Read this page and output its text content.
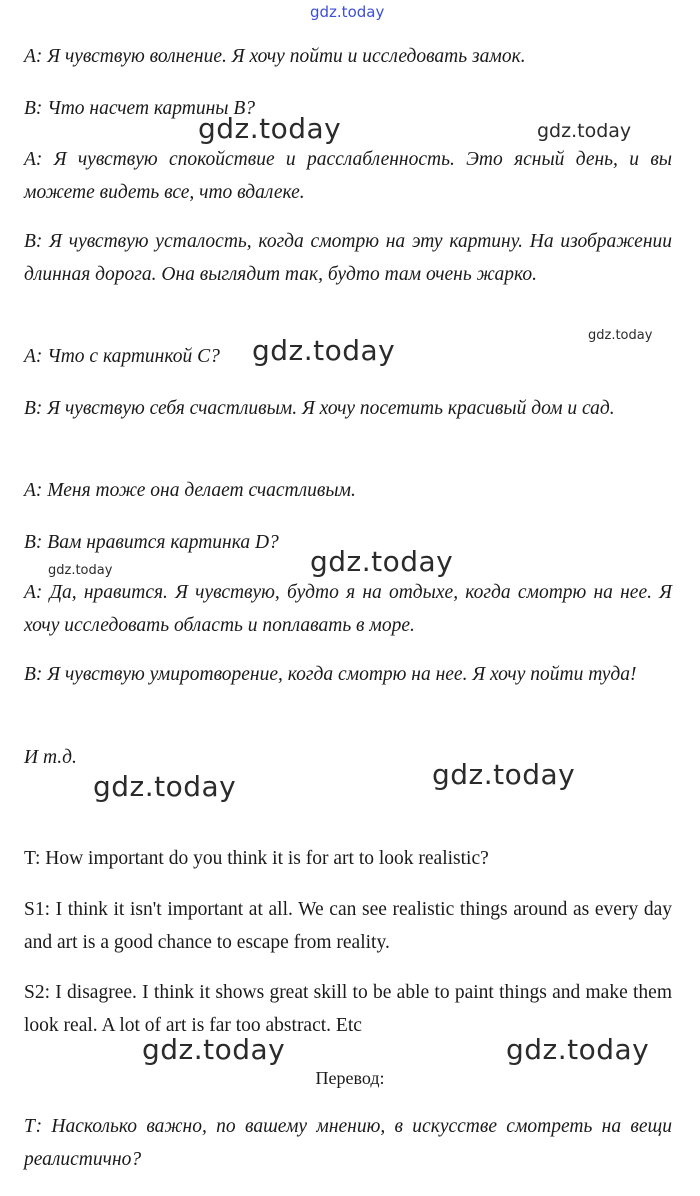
gdz.today

А: Я чувствую волнение. Я хочу пойти и исследовать замок.

В: Что насчет картины В?

А: Я чувствую спокойствие и расслабленность. Это ясный день, и вы можете видеть все, что вдалеке.

В: Я чувствую усталость, когда смотрю на эту картину. На изображении длинная дорога. Она выглядит так, будто там очень жарко.

А: Что с картинкой С?

В: Я чувствую себя счастливым. Я хочу посетить красивый дом и сад.

А: Меня тоже она делает счастливым.

В: Вам нравится картинка D?

А: Да, нравится. Я чувствую, будто я на отдыхе, когда смотрю на нее. Я хочу исследовать область и поплавать в море.

В: Я чувствую умиротворение, когда смотрю на нее. Я хочу пойти туда!

И т.д.

T: How important do you think it is for art to look realistic?

S1: I think it isn't important at all. We can see realistic things around as every day and art is a good chance to escape from reality.

S2: I disagree. I think it shows great skill to be able to paint things and make them look real. A lot of art is far too abstract. Etc

Перевод:

Т: Насколько важно, по вашему мнению, в искусстве смотреть на вещи реалистично?

gdz.today	gdz.today
gdz.today
gdz.today
gdz.today
gdz.today
gdz.today
gdz.today
gdz.today	gdz.today
